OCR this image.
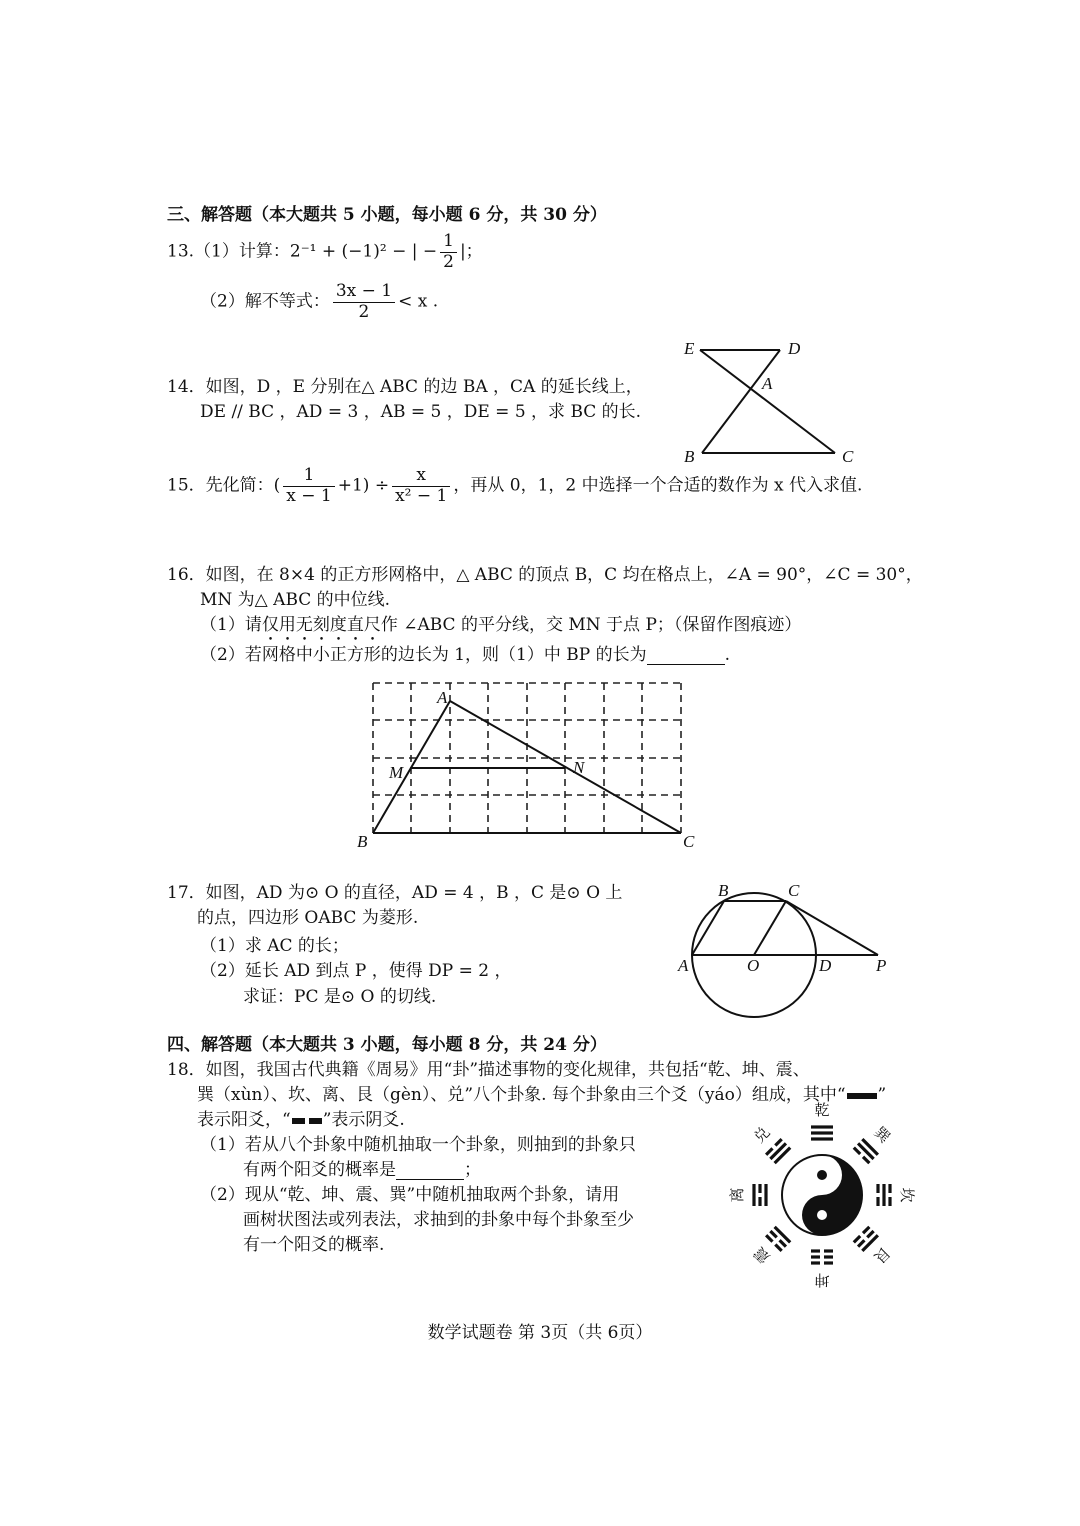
三、解答题（本大题共 5 小题，每小题 6 分，共 30 分）
13.（1）计算：2⁻¹ + (−1)² − | − $\frac{1}{2}$ |；
（2）解不等式： $\frac{3x - 1}{2} < x$ .
14．如图，D ，E 分别在△ ABC 的边 BA ，CA 的延长线上，
DE // BC ，AD = 3 ，AB = 5 ，DE = 5 ，求 BC 的长.
E	D
A
B	C
15．先化简：( $\frac{1}{x - 1} +1) \div \frac{x}{\text{x² − 1}}$ ，再从 0，1，2 中选择一个合适的数作为 x 代入求值.
16．如图，在 8×4 的正方形网格中，△ ABC 的顶点 B，C 均在格点上，∠A = 90°，∠C = 30°，
MN 为△ ABC 的中位线.
（1）请仅用无刻度直尺作 ∠ABC 的平分线，交 MN 于点 P；（保留作图痕迹）
（2）若网格中小正方形的边长为 1，则（1）中 BP 的长为	.
A
M	N
B	C
17．如图，AD 为⊙ O 的直径，AD = 4 ，B ，C 是⊙ O 上
的点，四边形 OABC 为菱形.
（1）求 AC 的长；
（2）延长 AD 到点 P ，使得 DP = 2 ，
求证：PC 是⊙ O 的切线.
B	C
A	O	D	P
四、解答题（本大题共 3 小题，每小题 8 分，共 24 分）
18．如图，我国古代典籍《周易》用“卦”描述事物的变化规律，共包括“乾、坤、震、
巽（xùn）、坎、离、艮（gèn）、兑”八个卦象. 每个卦象由三个爻（yáo）组成，其中“ ”
表示阳爻，“ ”表示阴爻.
（1）若从八个卦象中随机抽取一个卦象，则抽到的卦象只
有两个阳爻的概率是	；
（2）现从“乾、坤、震、巽”中随机抽取两个卦象，请用
画树状图法或列表法，求抽到的卦象中每个卦象至少
有一个阳爻的概率.
乾
巽
坎
艮
坤
震
离
兑
数学试题卷 第 3页（共 6页）
